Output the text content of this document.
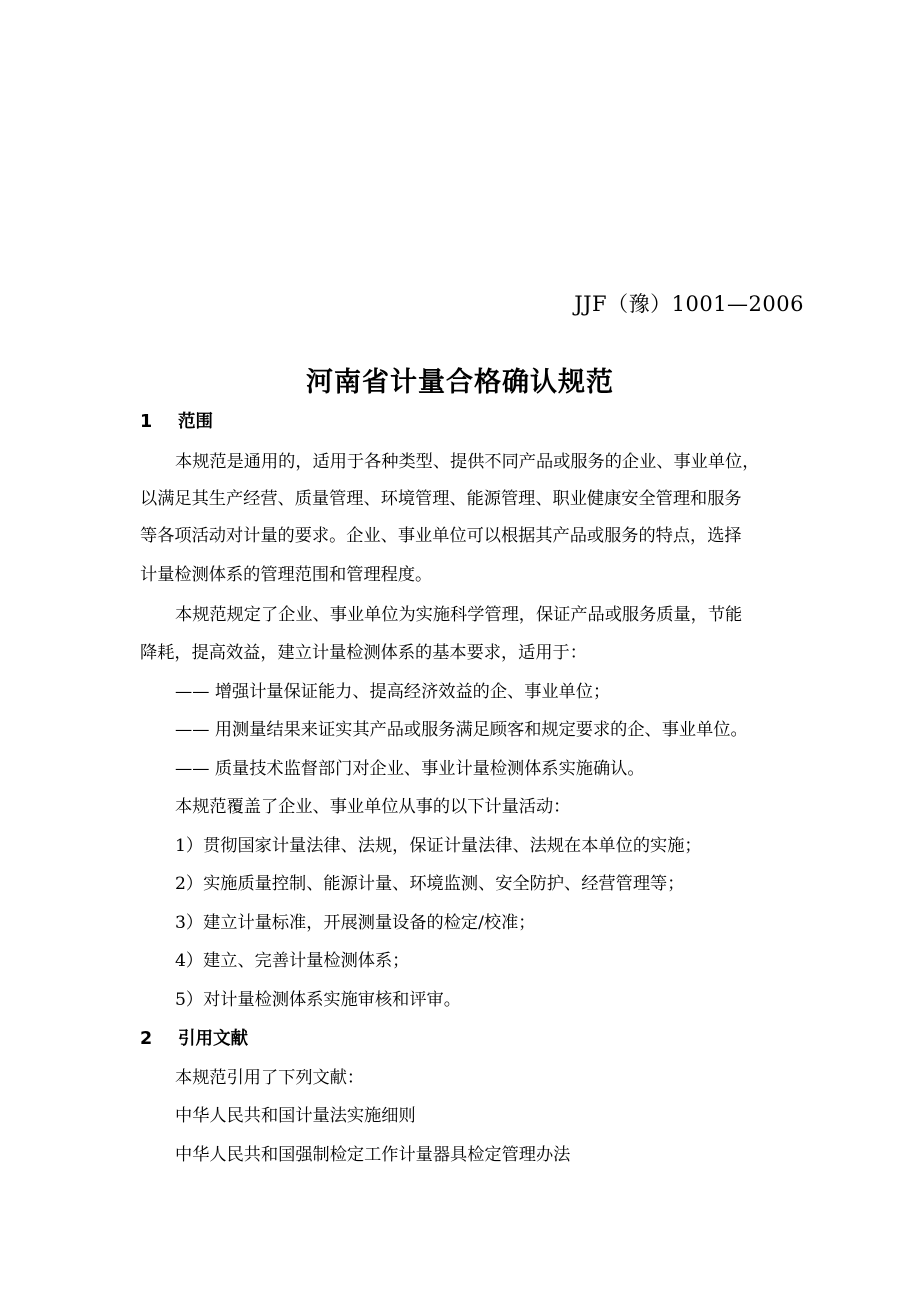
JJF（豫）1001—2006
河南省计量合格确认规范
1 范围
本规范是通用的，适用于各种类型、提供不同产品或服务的企业、事业单位，
以满足其生产经营、质量管理、环境管理、能源管理、职业健康安全管理和服务
等各项活动对计量的要求。企业、事业单位可以根据其产品或服务的特点，选择
计量检测体系的管理范围和管理程度。
本规范规定了企业、事业单位为实施科学管理，保证产品或服务质量，节能
降耗，提高效益，建立计量检测体系的基本要求，适用于：
—— 增强计量保证能力、提高经济效益的企、事业单位；
—— 用测量结果来证实其产品或服务满足顾客和规定要求的企、事业单位。
—— 质量技术监督部门对企业、事业计量检测体系实施确认。
本规范覆盖了企业、事业单位从事的以下计量活动：
1）贯彻国家计量法律、法规，保证计量法律、法规在本单位的实施；
2）实施质量控制、能源计量、环境监测、安全防护、经营管理等；
3）建立计量标准，开展测量设备的检定/校准；
4）建立、完善计量检测体系；
5）对计量检测体系实施审核和评审。
2 引用文献
本规范引用了下列文献：
中华人民共和国计量法实施细则
中华人民共和国强制检定工作计量器具检定管理办法
